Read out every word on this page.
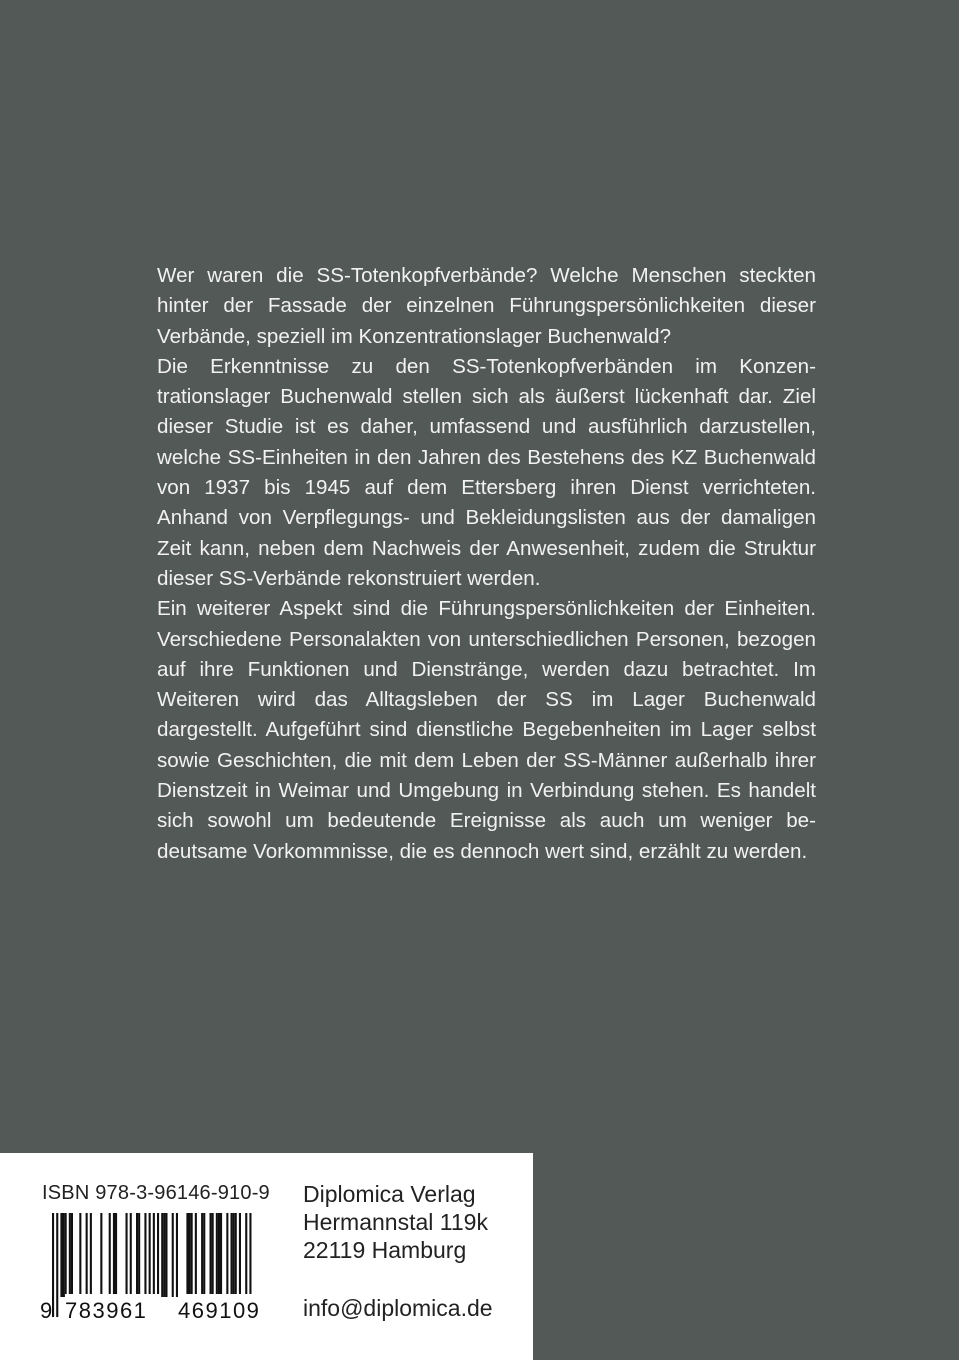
Wer waren die SS-Totenkopfverbände? Welche Menschen steckten hinter der Fassade der einzelnen Führungspersönlichkeiten dieser Verbände, speziell im Konzentrationslager Buchenwald?

Die Erkenntnisse zu den SS-Totenkopfverbänden im Konzentrationslager Buchenwald stellen sich als äußerst lückenhaft dar. Ziel dieser Studie ist es daher, umfassend und ausführlich darzustellen, welche SS-Einheiten in den Jahren des Bestehens des KZ Buchenwald von 1937 bis 1945 auf dem Ettersberg ihren Dienst verrichteten. Anhand von Verpflegungs- und Bekleidungslisten aus der damaligen Zeit kann, neben dem Nachweis der Anwesenheit, zudem die Struktur dieser SS-Verbände rekonstruiert werden.

Ein weiterer Aspekt sind die Führungspersönlichkeiten der Einheiten. Verschiedene Personalakten von unterschiedlichen Personen, bezogen auf ihre Funktionen und Dienstränge, werden dazu betrachtet. Im Weiteren wird das Alltagsleben der SS im Lager Buchenwald dargestellt. Aufgeführt sind dienstliche Begebenheiten im Lager selbst sowie Geschichten, die mit dem Leben der SS-Männer außerhalb ihrer Dienstzeit in Weimar und Umgebung in Verbindung stehen. Es handelt sich sowohl um bedeutende Ereignisse als auch um weniger bedeutsame Vorkommnisse, die es dennoch wert sind, erzählt zu werden.

ISBN 978-3-96146-910-9
9 783961	469109
Diplomica Verlag
Hermannstal 119k
22119 Hamburg
info@diplomica.de
